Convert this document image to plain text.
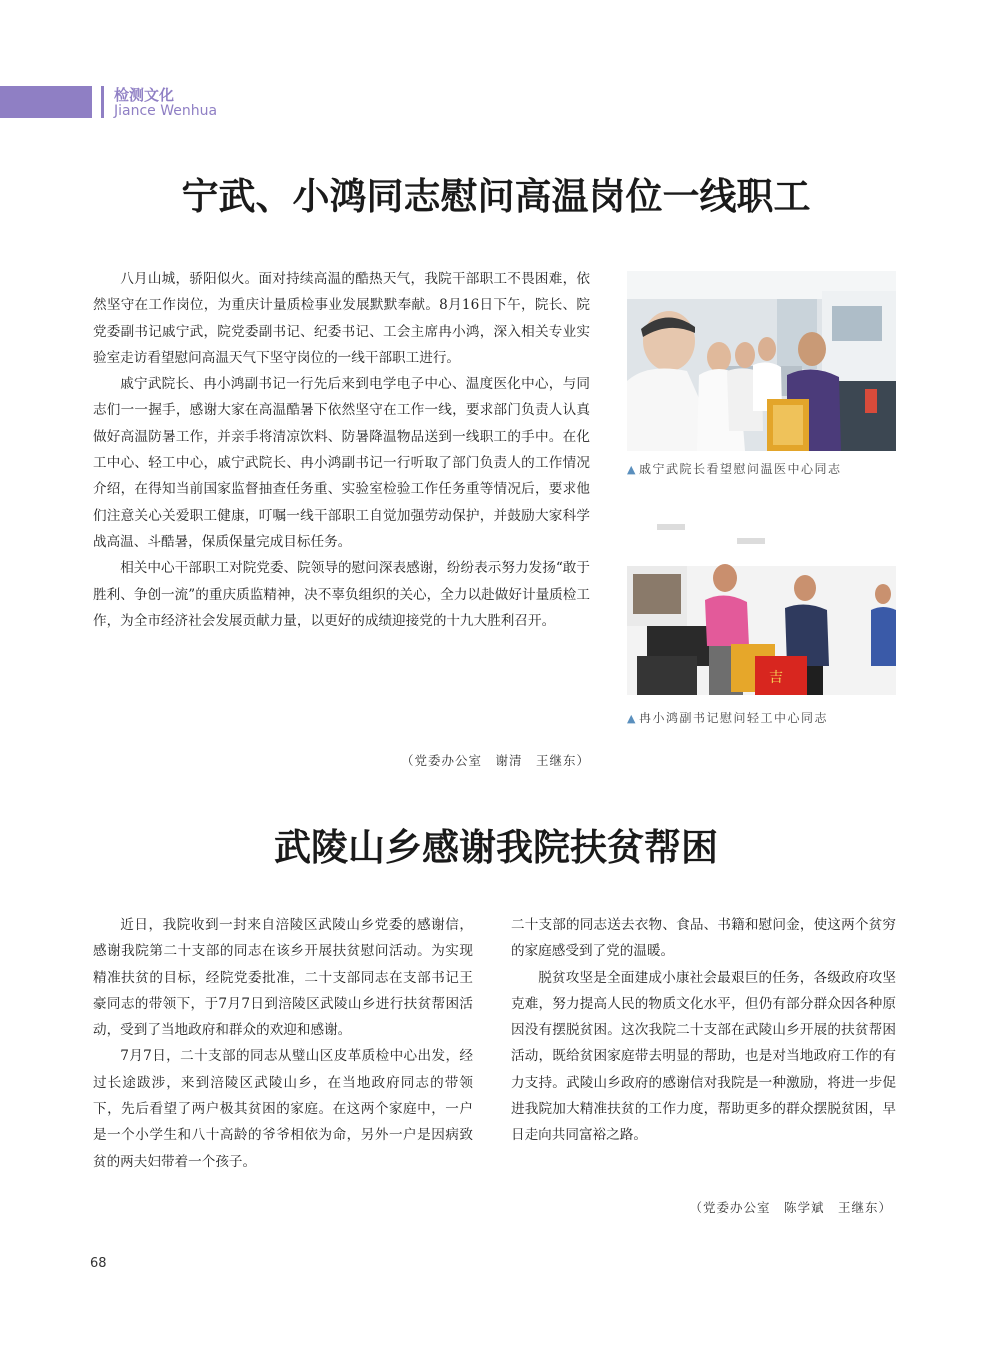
检测文化
Jiance Wenhua
宁武、小鸿同志慰问高温岗位一线职工

八月山城，骄阳似火。面对持续高温的酷热天气，我院干部职工不畏困难，依然坚守在工作岗位，为重庆计量质检事业发展默默奉献。8月16日下午，院长、院党委副书记戚宁武，院党委副书记、纪委书记、工会主席冉小鸿，深入相关专业实验室走访看望慰问高温天气下坚守岗位的一线干部职工进行。

戚宁武院长、冉小鸿副书记一行先后来到电学电子中心、温度医化中心，与同志们一一握手，感谢大家在高温酷暑下依然坚守在工作一线，要求部门负责人认真做好高温防暑工作，并亲手将清凉饮料、防暑降温物品送到一线职工的手中。在化工中心、轻工中心，戚宁武院长、冉小鸿副书记一行听取了部门负责人的工作情况介绍，在得知当前国家监督抽查任务重、实验室检验工作任务重等情况后，要求他们注意关心关爱职工健康，叮嘱一线干部职工自觉加强劳动保护，并鼓励大家科学战高温、斗酷暑，保质保量完成目标任务。

相关中心干部职工对院党委、院领导的慰问深表感谢，纷纷表示努力发扬“敢于胜利、争创一流”的重庆质监精神，决不辜负组织的关心，全力以赴做好计量质检工作，为全市经济社会发展贡献力量，以更好的成绩迎接党的十九大胜利召开。

（党委办公室　谢清　王继东）
▲ 戚宁武院长看望慰问温医中心同志
吉
▲ 冉小鸿副书记慰问轻工中心同志
武陵山乡感谢我院扶贫帮困

近日，我院收到一封来自涪陵区武陵山乡党委的感谢信，感谢我院第二十支部的同志在该乡开展扶贫慰问活动。为实现精准扶贫的目标，经院党委批准，二十支部同志在支部书记王豪同志的带领下，于7月7日到涪陵区武陵山乡进行扶贫帮困活动，受到了当地政府和群众的欢迎和感谢。

7月7日，二十支部的同志从璧山区皮革质检中心出发，经过长途跋涉，来到涪陵区武陵山乡，在当地政府同志的带领下，先后看望了两户极其贫困的家庭。在这两个家庭中，一户是一个小学生和八十高龄的爷爷相依为命，另外一户是因病致贫的两夫妇带着一个孩子。

二十支部的同志送去衣物、食品、书籍和慰问金，使这两个贫穷的家庭感受到了党的温暖。

脱贫攻坚是全面建成小康社会最艰巨的任务，各级政府攻坚克难，努力提高人民的物质文化水平，但仍有部分群众因各种原因没有摆脱贫困。这次我院二十支部在武陵山乡开展的扶贫帮困活动，既给贫困家庭带去明显的帮助，也是对当地政府工作的有力支持。武陵山乡政府的感谢信对我院是一种激励，将进一步促进我院加大精准扶贫的工作力度，帮助更多的群众摆脱贫困，早日走向共同富裕之路。

（党委办公室　陈学斌　王继东）
68
